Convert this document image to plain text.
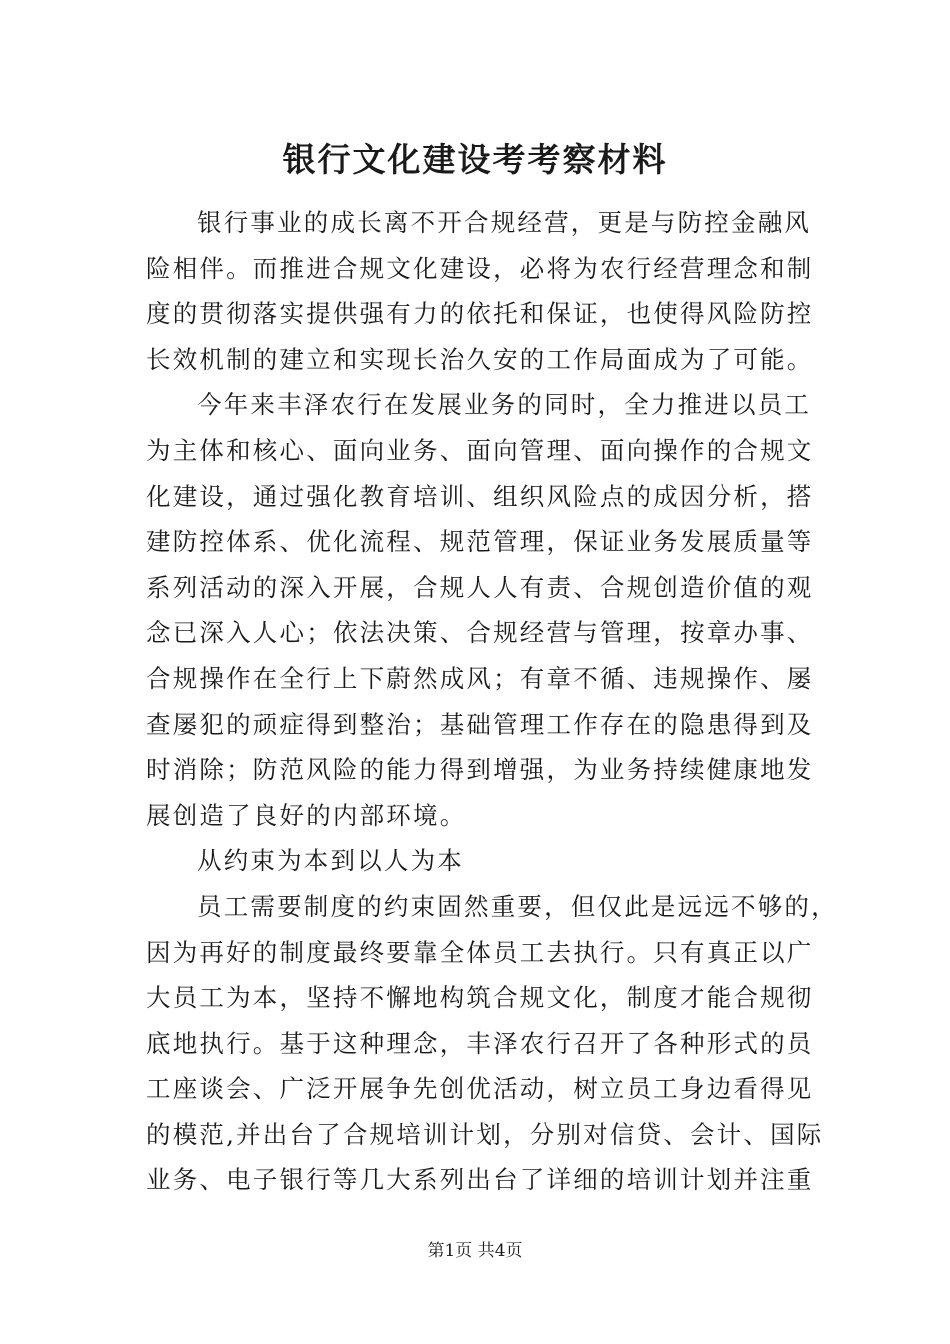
银行文化建设考考察材料
银行事业的成长离不开合规经营，更是与防控金融风
险相伴。而推进合规文化建设，必将为农行经营理念和制
度的贯彻落实提供强有力的依托和保证，也使得风险防控
长效机制的建立和实现长治久安的工作局面成为了可能。
今年来丰泽农行在发展业务的同时，全力推进以员工
为主体和核心、面向业务、面向管理、面向操作的合规文
化建设，通过强化教育培训、组织风险点的成因分析，搭
建防控体系、优化流程、规范管理，保证业务发展质量等
系列活动的深入开展，合规人人有责、合规创造价值的观
念已深入人心；依法决策、合规经营与管理，按章办事、
合规操作在全行上下蔚然成风；有章不循、违规操作、屡
查屡犯的顽症得到整治；基础管理工作存在的隐患得到及
时消除；防范风险的能力得到增强，为业务持续健康地发
展创造了良好的内部环境。
从约束为本到以人为本
员工需要制度的约束固然重要，但仅此是远远不够的，
因为再好的制度最终要靠全体员工去执行。只有真正以广
大员工为本，坚持不懈地构筑合规文化，制度才能合规彻
底地执行。基于这种理念，丰泽农行召开了各种形式的员
工座谈会、广泛开展争先创优活动，树立员工身边看得见
的模范,并出台了合规培训计划，分别对信贷、会计、国际
业务、电子银行等几大系列出台了详细的培训计划并注重
第1页 共4页
